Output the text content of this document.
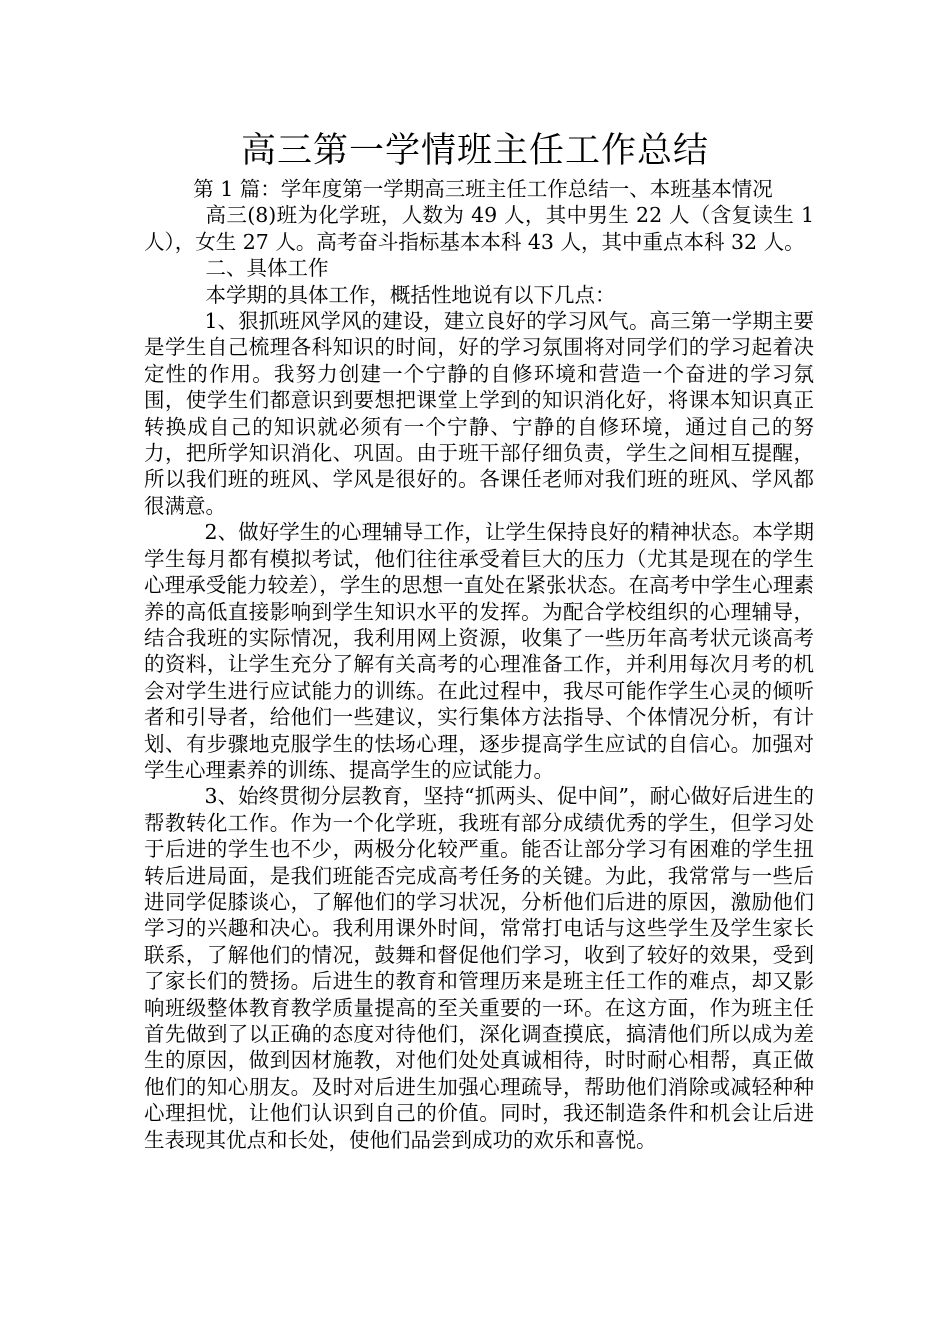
高三第一学情班主任工作总结

第 1 篇：学年度第一学期高三班主任工作总结一、本班基本情况

高三(8)班为化学班，人数为 49 人，其中男生 22 人（含复读生 1 人），女生 27 人。高考奋斗指标基本本科 43 人，其中重点本科 32 人。

二、具体工作

本学期的具体工作，概括性地说有以下几点：

1、狠抓班风学风的建设，建立良好的学习风气。高三第一学期主要是学生自己梳理各科知识的时间，好的学习氛围将对同学们的学习起着决定性的作用。我努力创建一个宁静的自修环境和营造一个奋进的学习氛围，使学生们都意识到要想把课堂上学到的知识消化好，将课本知识真正转换成自己的知识就必须有一个宁静、宁静的自修环境，通过自己的努力，把所学知识消化、巩固。由于班干部仔细负责，学生之间相互提醒，所以我们班的班风、学风是很好的。各课任老师对我们班的班风、学风都很满意。

2、做好学生的心理辅导工作，让学生保持良好的精神状态。本学期学生每月都有模拟考试，他们往往承受着巨大的压力（尤其是现在的学生心理承受能力较差），学生的思想一直处在紧张状态。在高考中学生心理素养的高低直接影响到学生知识水平的发挥。为配合学校组织的心理辅导，结合我班的实际情况，我利用网上资源，收集了一些历年高考状元谈高考的资料，让学生充分了解有关高考的心理准备工作，并利用每次月考的机会对学生进行应试能力的训练。在此过程中，我尽可能作学生心灵的倾听者和引导者，给他们一些建议，实行集体方法指导、个体情况分析，有计划、有步骤地克服学生的怯场心理，逐步提高学生应试的自信心。加强对学生心理素养的训练、提高学生的应试能力。

3、始终贯彻分层教育，坚持“抓两头、促中间”，耐心做好后进生的帮教转化工作。作为一个化学班，我班有部分成绩优秀的学生，但学习处于后进的学生也不少，两极分化较严重。能否让部分学习有困难的学生扭转后进局面，是我们班能否完成高考任务的关键。为此，我常常与一些后进同学促膝谈心，了解他们的学习状况，分析他们后进的原因，激励他们学习的兴趣和决心。我利用课外时间，常常打电话与这些学生及学生家长联系，了解他们的情况，鼓舞和督促他们学习，收到了较好的效果，受到了家长们的赞扬。后进生的教育和管理历来是班主任工作的难点，却又影响班级整体教育教学质量提高的至关重要的一环。在这方面，作为班主任首先做到了以正确的态度对待他们，深化调查摸底，搞清他们所以成为差生的原因，做到因材施教，对他们处处真诚相待，时时耐心相帮，真正做他们的知心朋友。及时对后进生加强心理疏导，帮助他们消除或减轻种种心理担忧，让他们认识到自己的价值。同时，我还制造条件和机会让后进生表现其优点和长处，使他们品尝到成功的欢乐和喜悦。
